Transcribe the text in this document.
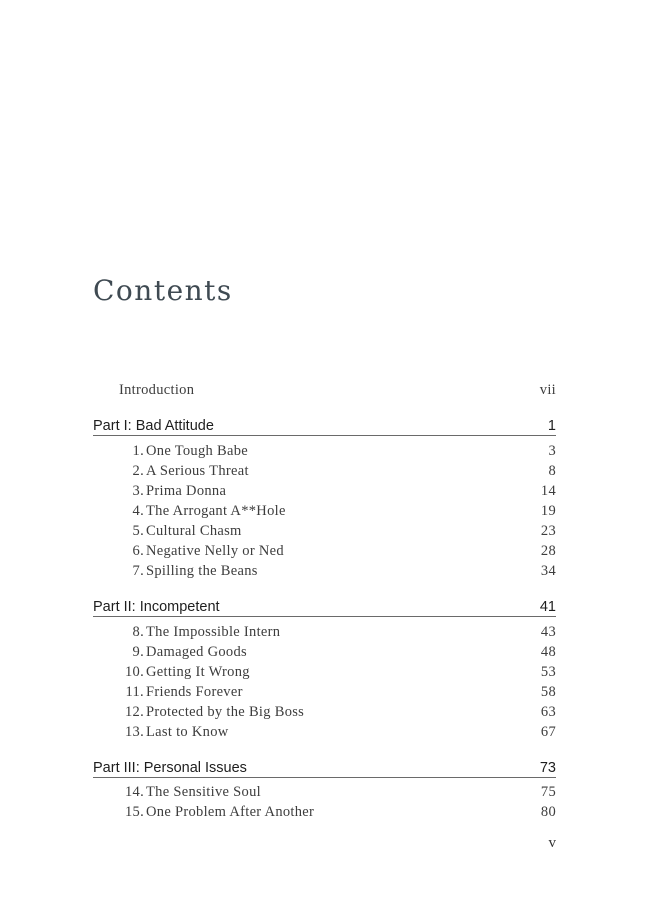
Contents
Introduction	vii
Part I: Bad Attitude	1
1. One Tough Babe	3
2. A Serious Threat	8
3. Prima Donna	14
4. The Arrogant A**Hole	19
5. Cultural Chasm	23
6. Negative Nelly or Ned	28
7. Spilling the Beans	34
Part II: Incompetent	41
8. The Impossible Intern	43
9. Damaged Goods	48
10. Getting It Wrong	53
11. Friends Forever	58
12. Protected by the Big Boss	63
13. Last to Know	67
Part III: Personal Issues	73
14. The Sensitive Soul	75
15. One Problem After Another	80
v
